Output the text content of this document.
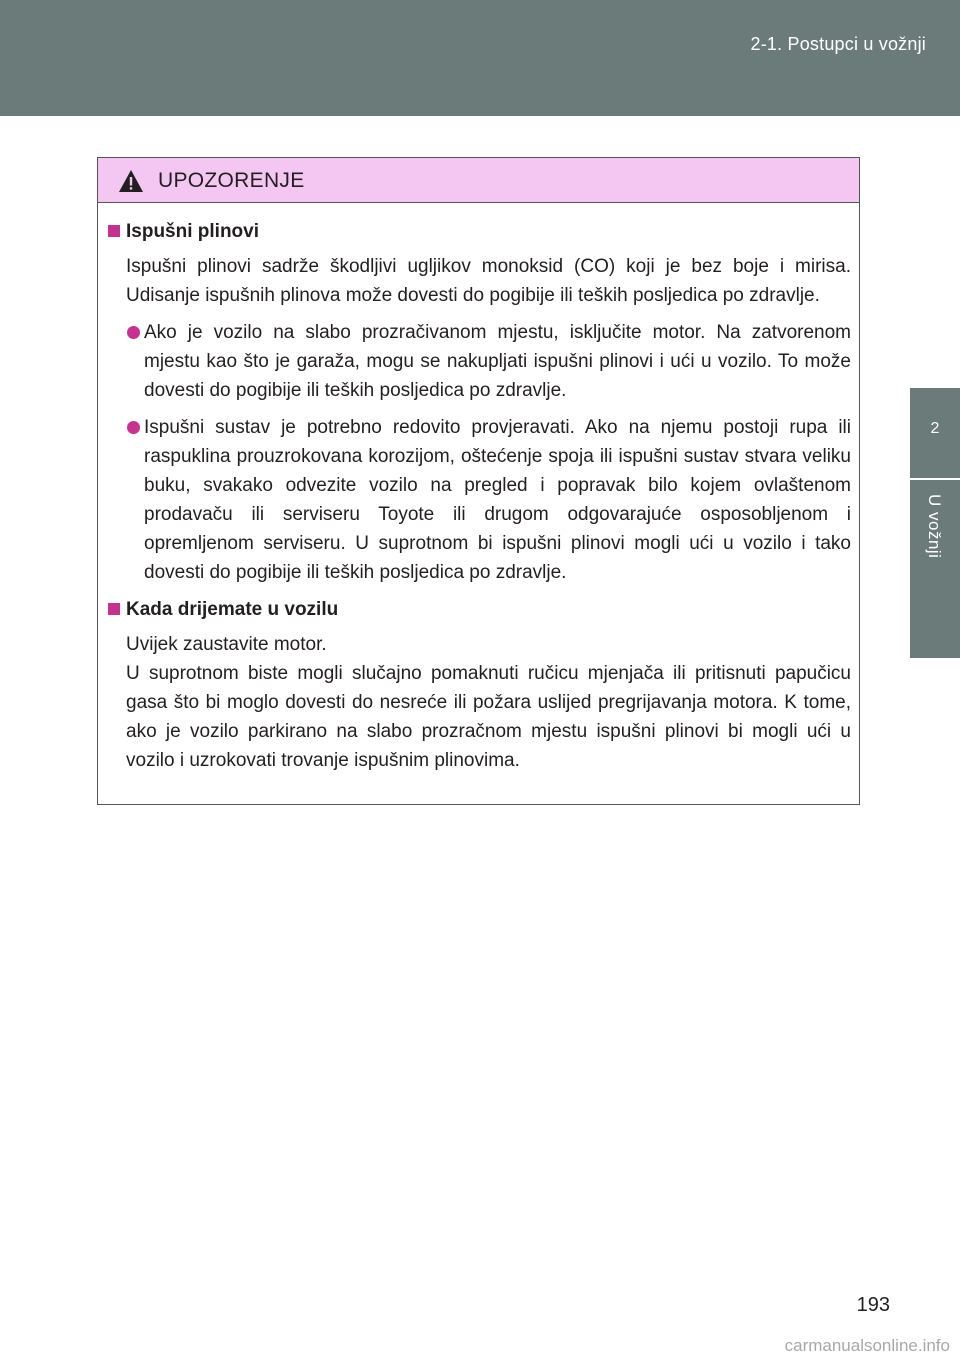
2-1. Postupci u vožnji
2
U vožnji
UPOZORENJE
Ispušni plinovi
Ispušni plinovi sadrže škodljivi ugljikov monoksid (CO) koji je bez boje i mirisa. Udisanje ispušnih plinova može dovesti do pogibije ili teških posljedica po zdravlje.
Ako je vozilo na slabo prozračivanom mjestu, isključite motor. Na zatvorenom mjestu kao što je garaža, mogu se nakupljati ispušni plinovi i ući u vozilo. To može dovesti do pogibije ili teških posljedica po zdravlje.
Ispušni sustav je potrebno redovito provjeravati. Ako na njemu postoji rupa ili raspuklina prouzrokovana korozijom, oštećenje spoja ili ispušni sustav stvara veliku buku, svakako odvezite vozilo na pregled i popravak bilo kojem ovlaštenom prodavaču ili serviseru Toyote ili drugom odgovarajuće osposobljenom i opremljenom serviseru. U suprotnom bi ispušni plinovi mogli ući u vozilo i tako dovesti do pogibije ili teških posljedica po zdravlje.
Kada drijemate u vozilu
Uvijek zaustavite motor.
U suprotnom biste mogli slučajno pomaknuti ručicu mjenjača ili pritisnuti papučicu gasa što bi moglo dovesti do nesreće ili požara uslijed pregrijavanja motora. K tome, ako je vozilo parkirano na slabo prozračnom mjestu ispušni plinovi bi mogli ući u vozilo i uzrokovati trovanje ispušnim plinovima.
193
carmanualsonline.info
